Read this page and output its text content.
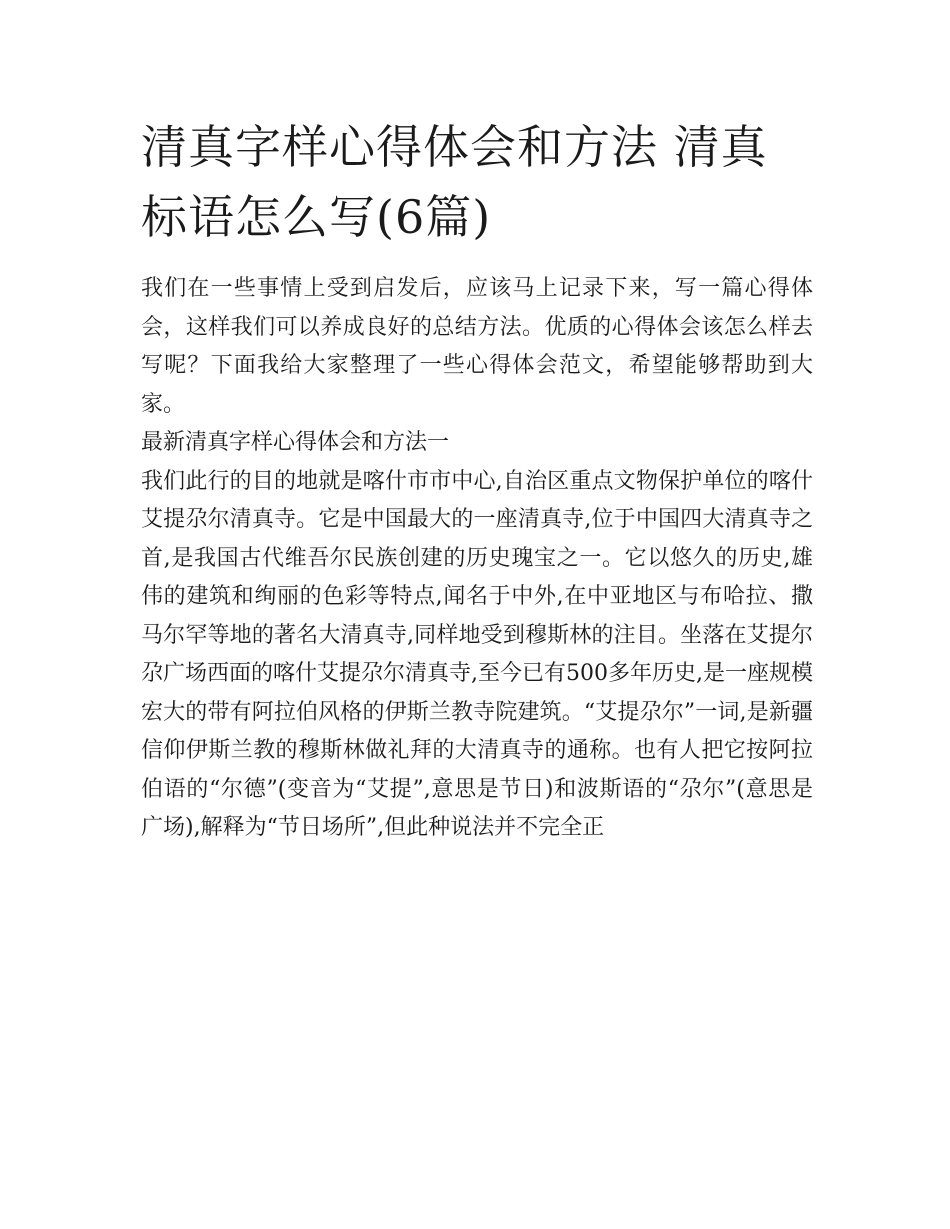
清真字样心得体会和方法 清真标语怎么写(6篇)

我们在一些事情上受到启发后，应该马上记录下来，写一篇心得体会，这样我们可以养成良好的总结方法。优质的心得体会该怎么样去写呢？下面我给大家整理了一些心得体会范文，希望能够帮助到大家。

最新清真字样心得体会和方法一

我们此行的目的地就是喀什市市中心,自治区重点文物保护单位的喀什艾提尕尔清真寺。它是中国最大的一座清真寺,位于中国四大清真寺之首,是我国古代维吾尔民族创建的历史瑰宝之一。它以悠久的历史,雄伟的建筑和绚丽的色彩等特点,闻名于中外,在中亚地区与布哈拉、撒马尔罕等地的著名大清真寺,同样地受到穆斯林的注目。坐落在艾提尔尕广场西面的喀什艾提尕尔清真寺,至今已有500多年历史,是一座规模宏大的带有阿拉伯风格的伊斯兰教寺院建筑。“艾提尕尔”一词,是新疆信仰伊斯兰教的穆斯林做礼拜的大清真寺的通称。也有人把它按阿拉伯语的“尔德”(变音为“艾提”,意思是节日)和波斯语的“尕尔”(意思是广场),解释为“节日场所”,但此种说法并不完全正
